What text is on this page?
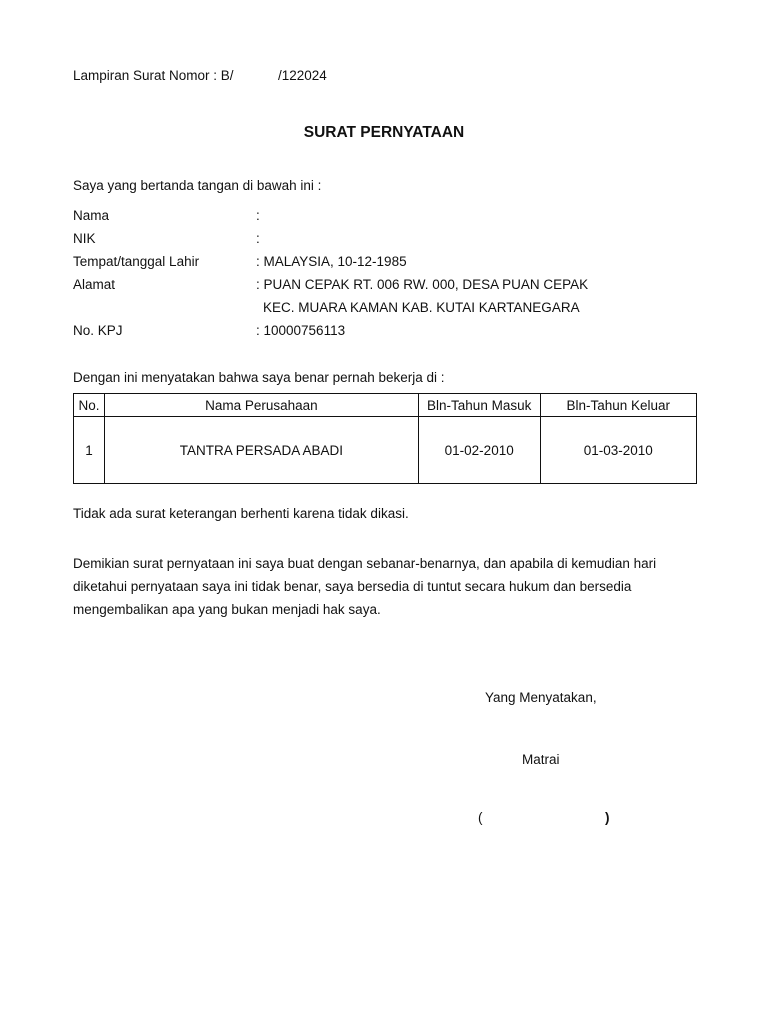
Lampiran Surat Nomor : B/	/122024
SURAT PERNYATAAN
Saya yang bertanda tangan di bawah ini :
Nama	:
NIK	:
Tempat/tanggal Lahir	: MALAYSIA, 10-12-1985
Alamat	: PUAN CEPAK RT. 006 RW. 000, DESA PUAN CEPAK
KEC. MUARA KAMAN KAB. KUTAI KARTANEGARA
No. KPJ	: 10000756113
Dengan ini menyatakan bahwa saya benar pernah bekerja di :
No.	Nama Perusahaan	Bln-Tahun Masuk	Bln-Tahun Keluar
1	TANTRA PERSADA ABADI	01-02-2010	01-03-2010
Tidak ada surat keterangan berhenti karena tidak dikasi.
Demikian surat pernyataan ini saya buat dengan sebanar-benarnya, dan apabila di kemudian hari
diketahui pernyataan saya ini tidak benar, saya bersedia di tuntut secara hukum dan bersedia
mengembalikan apa yang bukan menjadi hak saya.
Yang Menyatakan,
Matrai
(	)
